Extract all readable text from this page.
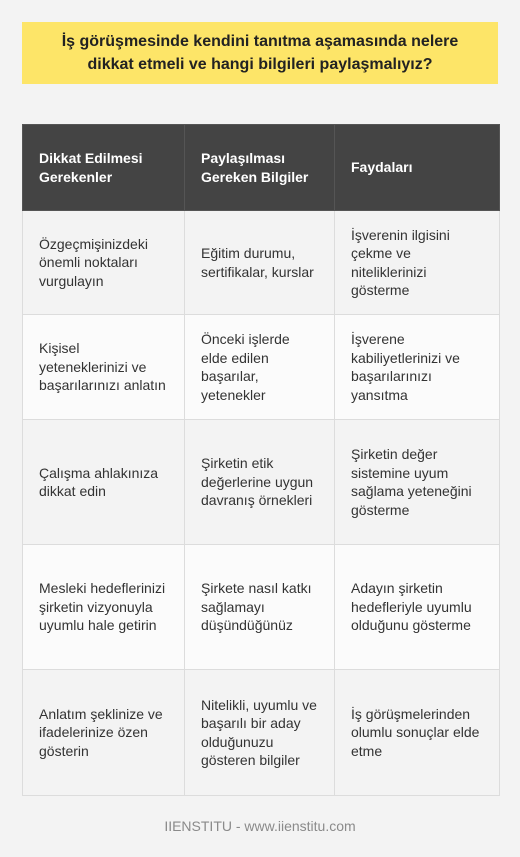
İş görüşmesinde kendini tanıtma aşamasında nelere dikkat etmeli ve hangi bilgileri paylaşmalıyız?
Dikkat Edilmesi Gerekenler	Paylaşılması Gereken Bilgiler	Faydaları
Özgeçmişinizdeki önemli noktaları vurgulayın	Eğitim durumu, sertifikalar, kurslar	İşverenin ilgisini çekme ve niteliklerinizi gösterme
Kişisel yeteneklerinizi ve başarılarınızı anlatın	Önceki işlerde elde edilen başarılar, yetenekler	İşverene kabiliyetlerinizi ve başarılarınızı yansıtma
Çalışma ahlakınıza dikkat edin	Şirketin etik değerlerine uygun davranış örnekleri	Şirketin değer sistemine uyum sağlama yeteneğini gösterme
Mesleki hedeflerinizi şirketin vizyonuyla uyumlu hale getirin	Şirkete nasıl katkı sağlamayı düşündüğünüz	Adayın şirketin hedefleriyle uyumlu olduğunu gösterme
Anlatım şeklinize ve ifadelerinize özen gösterin	Nitelikli, uyumlu ve başarılı bir aday olduğunuzu gösteren bilgiler	İş görüşmelerinden olumlu sonuçlar elde etme
IIENSTITU - www.iienstitu.com
